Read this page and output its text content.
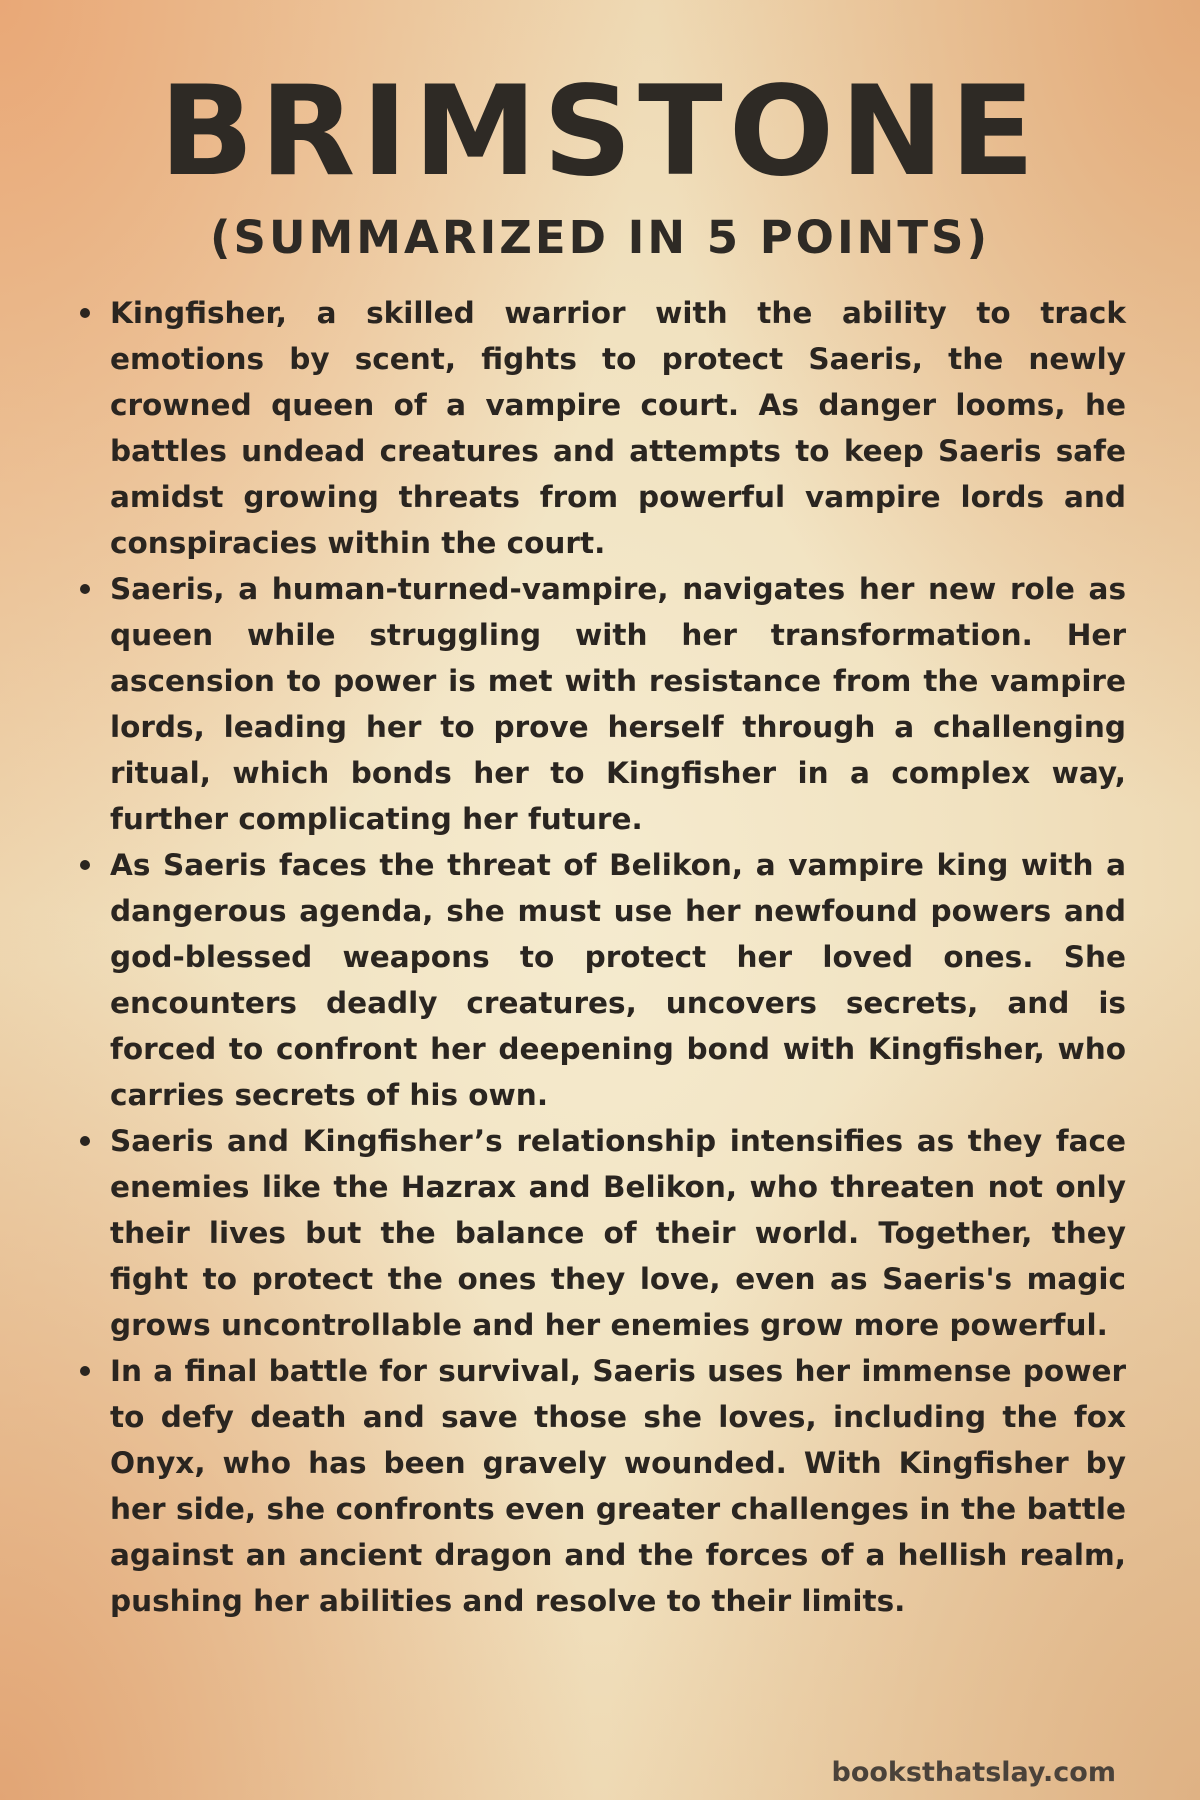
BRIMSTONE
(SUMMARIZED IN 5 POINTS)
Kingfisher, a skilled warrior with the ability to track emotions by scent, fights to protect Saeris, the newly crowned queen of a vampire court. As danger looms, he battles undead creatures and attempts to keep Saeris safe amidst growing threats from powerful vampire lords and conspiracies within the court.
Saeris, a human-turned-vampire, navigates her new role as queen while struggling with her transformation. Her ascension to power is met with resistance from the vampire lords, leading her to prove herself through a challenging ritual, which bonds her to Kingfisher in a complex way, further complicating her future.
As Saeris faces the threat of Belikon, a vampire king with a dangerous agenda, she must use her newfound powers and god-blessed weapons to protect her loved ones. She encounters deadly creatures, uncovers secrets, and is forced to confront her deepening bond with Kingfisher, who carries secrets of his own.
Saeris and Kingfisher’s relationship intensifies as they face enemies like the Hazrax and Belikon, who threaten not only their lives but the balance of their world. Together, they fight to protect the ones they love, even as Saeris's magic grows uncontrollable and her enemies grow more powerful.
In a final battle for survival, Saeris uses her immense power to defy death and save those she loves, including the fox Onyx, who has been gravely wounded. With Kingfisher by her side, she confronts even greater challenges in the battle against an ancient dragon and the forces of a hellish realm, pushing her abilities and resolve to their limits.
booksthatslay.com
